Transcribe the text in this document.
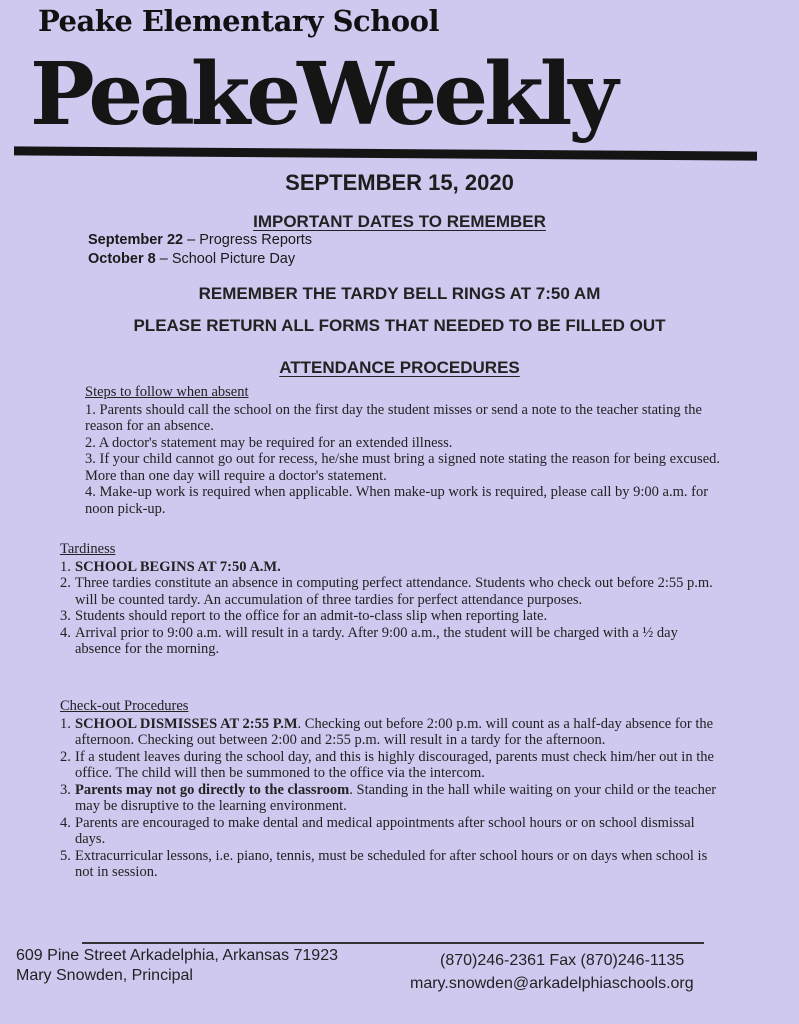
Peake Elementary School
PeakeWeekly
SEPTEMBER 15, 2020
IMPORTANT DATES TO REMEMBER
September 22 – Progress Reports
October 8 – School Picture Day
REMEMBER THE TARDY BELL RINGS AT 7:50 AM
PLEASE RETURN ALL FORMS THAT NEEDED TO BE FILLED OUT
ATTENDANCE PROCEDURES
Steps to follow when absent
1. Parents should call the school on the first day the student misses or send a note to the teacher stating the reason for an absence.
2. A doctor's statement may be required for an extended illness.
3. If your child cannot go out for recess, he/she must bring a signed note stating the reason for being excused. More than one day will require a doctor's statement.
4. Make-up work is required when applicable. When make-up work is required, please call by 9:00 a.m. for noon pick-up.
Tardiness
1. SCHOOL BEGINS AT 7:50 A.M.
2. Three tardies constitute an absence in computing perfect attendance. Students who check out before 2:55 p.m. will be counted tardy. An accumulation of three tardies for perfect attendance purposes.
3. Students should report to the office for an admit-to-class slip when reporting late.
4. Arrival prior to 9:00 a.m. will result in a tardy. After 9:00 a.m., the student will be charged with a ½ day absence for the morning.
Check-out Procedures
1. SCHOOL DISMISSES AT 2:55 P.M. Checking out before 2:00 p.m. will count as a half-day absence for the afternoon. Checking out between 2:00 and 2:55 p.m. will result in a tardy for the afternoon.
2. If a student leaves during the school day, and this is highly discouraged, parents must check him/her out in the office. The child will then be summoned to the office via the intercom.
3. Parents may not go directly to the classroom. Standing in the hall while waiting on your child or the teacher may be disruptive to the learning environment.
4. Parents are encouraged to make dental and medical appointments after school hours or on school dismissal days.
5. Extracurricular lessons, i.e. piano, tennis, must be scheduled for after school hours or on days when school is not in session.
609 Pine Street Arkadelphia, Arkansas 71923	(870)246-2361 Fax (870)246-1135
Mary Snowden, Principal	mary.snowden@arkadelphiaschools.org
